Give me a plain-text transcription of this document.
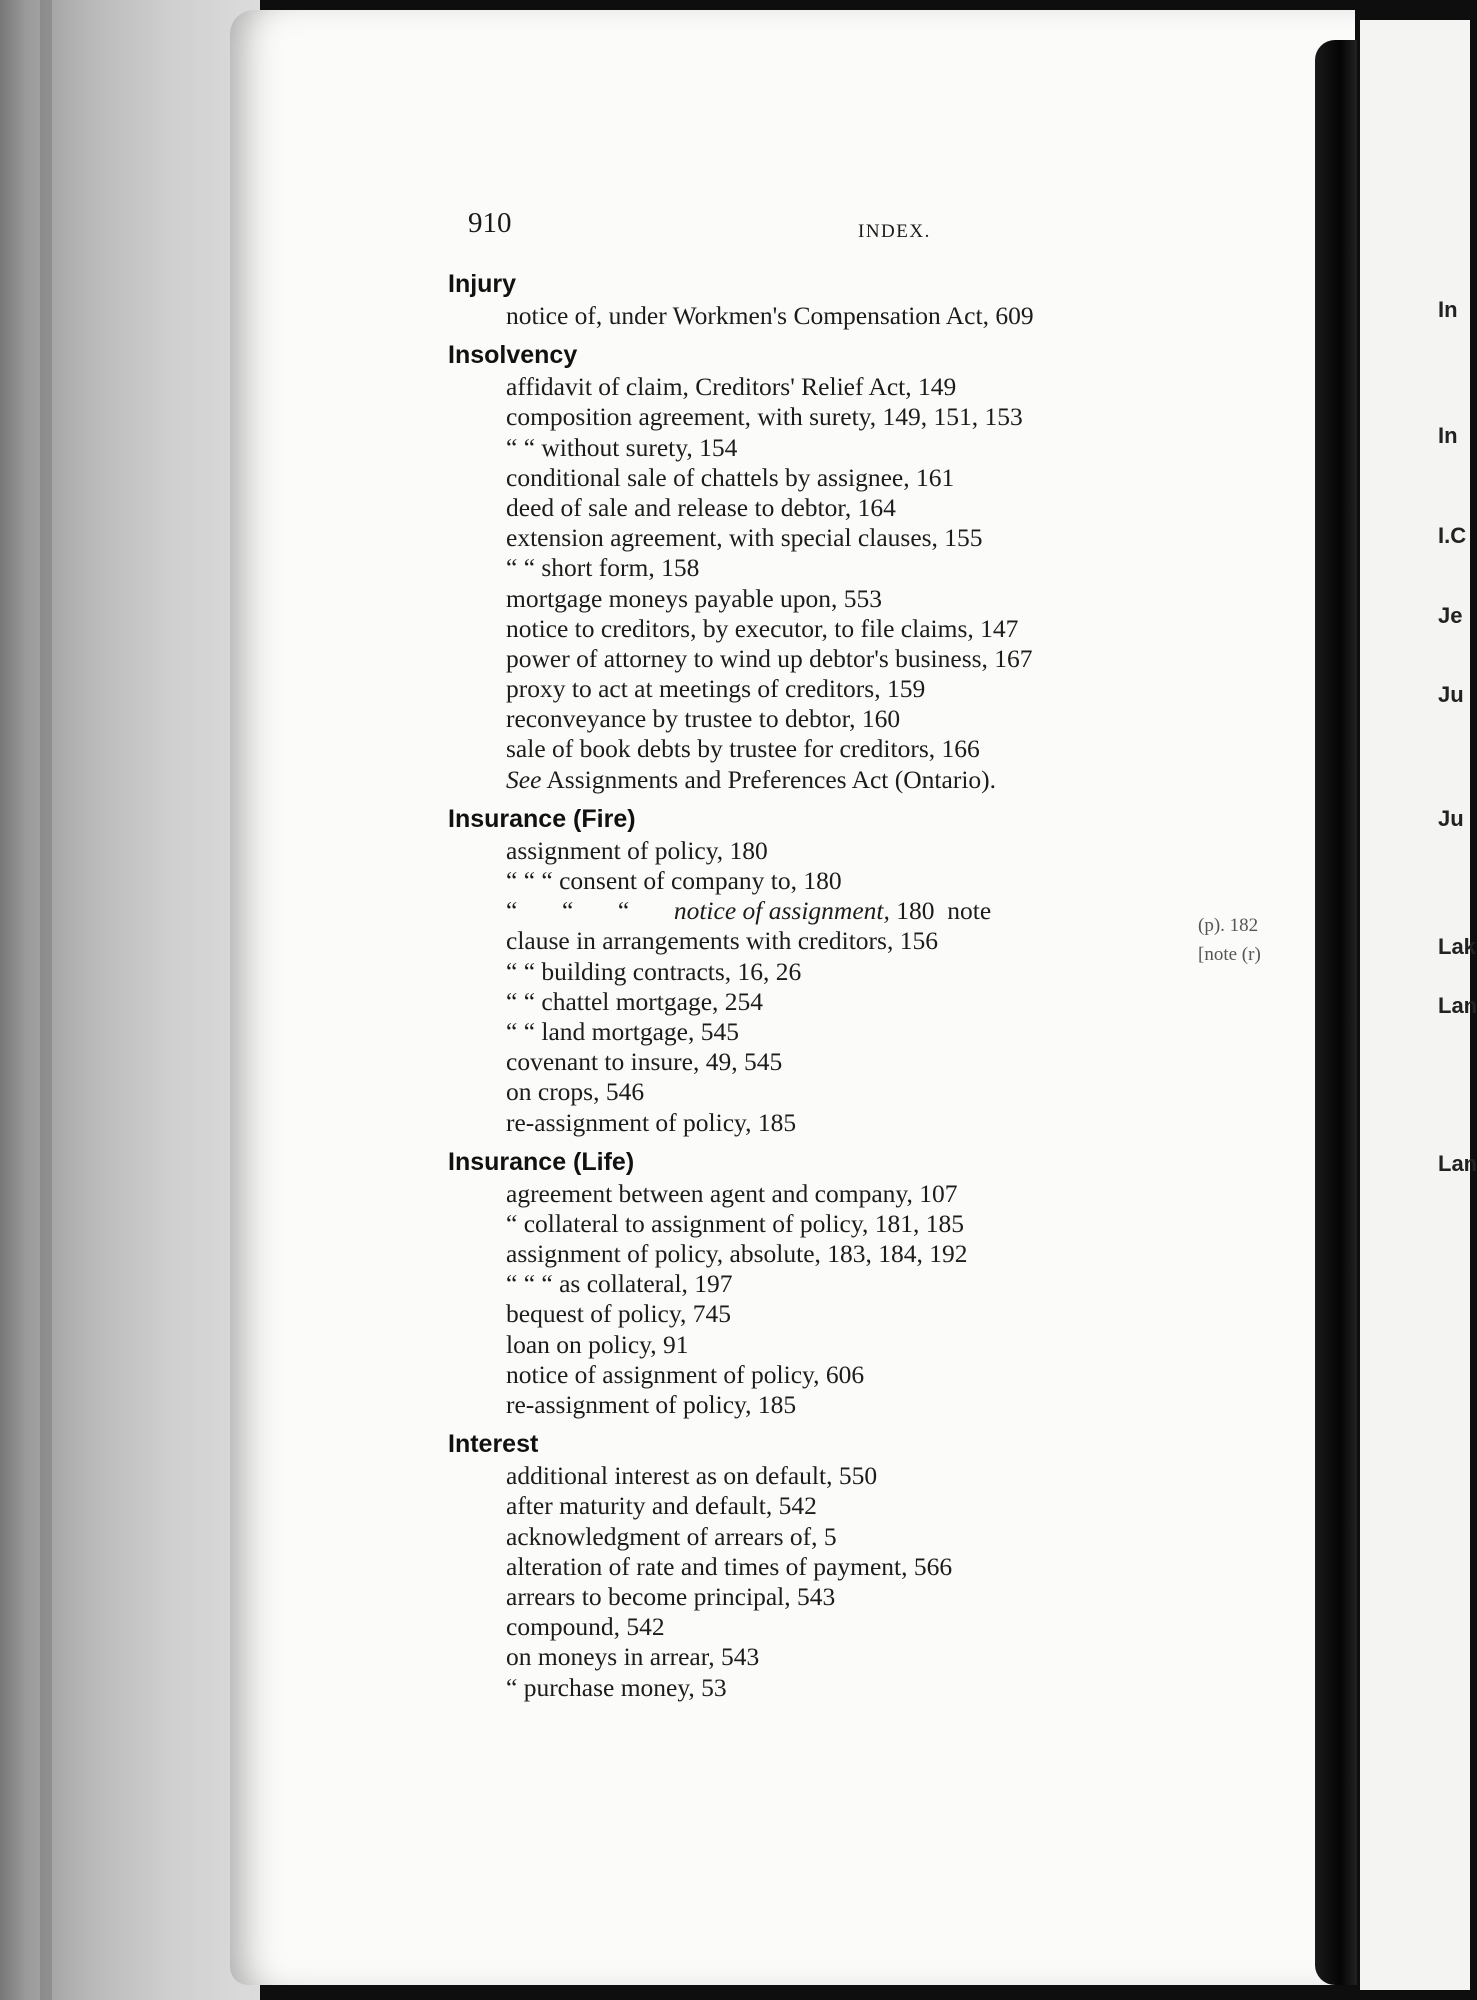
In
In
I.C
Je
Ju
Ju
Lak
Lan
Lan
910	INDEX.
(p). 182
[note (r)
Injury
notice of, under Workmen's Compensation Act, 609
Insolvency
affidavit of claim, Creditors' Relief Act, 149
composition agreement, with surety, 149, 151, 153
“ “ without surety, 154
conditional sale of chattels by assignee, 161
deed of sale and release to debtor, 164
extension agreement, with special clauses, 155
“ “ short form, 158
mortgage moneys payable upon, 553
notice to creditors, by executor, to file claims, 147
power of attorney to wind up debtor's business, 167
proxy to act at meetings of creditors, 159
reconveyance by trustee to debtor, 160
sale of book debts by trustee for creditors, 166
See Assignments and Preferences Act (Ontario).
Insurance (Fire)
assignment of policy, 180
“ “ “ consent of company to, 180
“       “       “       notice of assignment, 180  note
clause in arrangements with creditors, 156
“ “ building contracts, 16, 26
“ “ chattel mortgage, 254
“ “ land mortgage, 545
covenant to insure, 49, 545
on crops, 546
re-assignment of policy, 185
Insurance (Life)
agreement between agent and company, 107
“ collateral to assignment of policy, 181, 185
assignment of policy, absolute, 183, 184, 192
“ “ “ as collateral, 197
bequest of policy, 745
loan on policy, 91
notice of assignment of policy, 606
re-assignment of policy, 185
Interest
additional interest as on default, 550
after maturity and default, 542
acknowledgment of arrears of, 5
alteration of rate and times of payment, 566
arrears to become principal, 543
compound, 542
on moneys in arrear, 543
“ purchase money, 53
